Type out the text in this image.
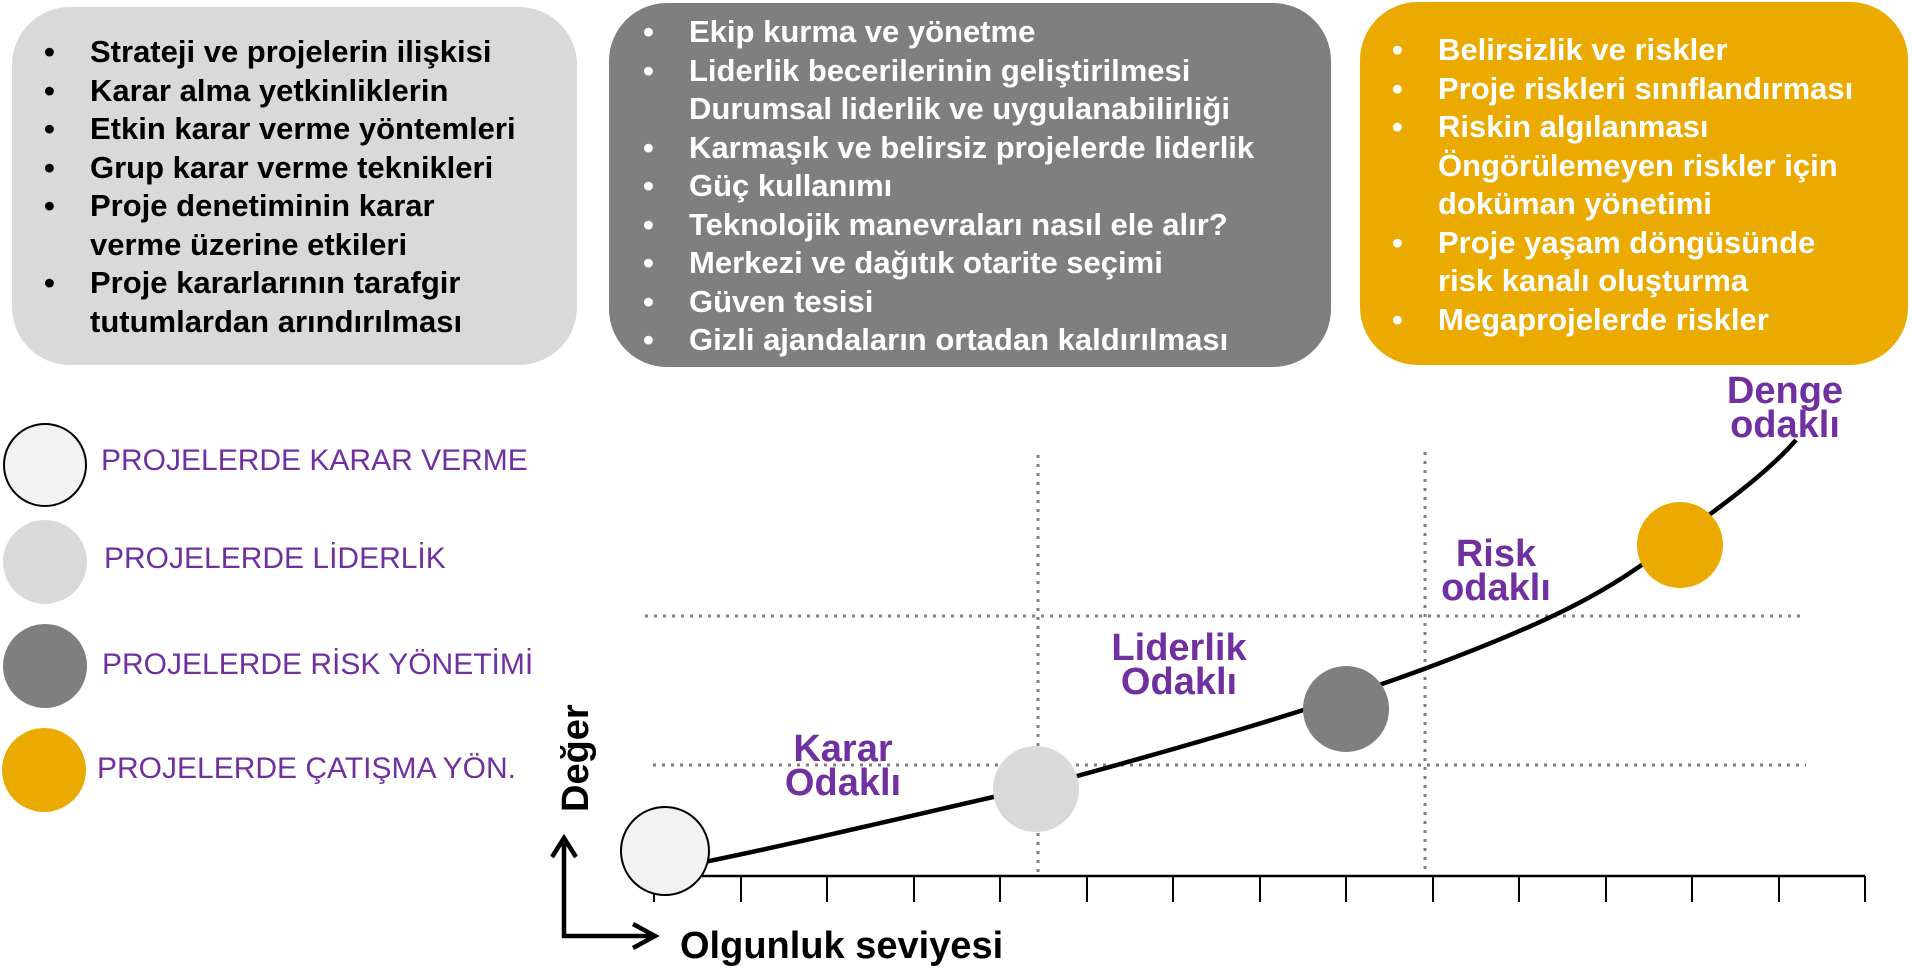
• Strateji ve projelerin ilişkisi
• Karar alma yetkinliklerin
• Etkin karar verme yöntemleri
• Grup karar verme teknikleri
• Proje denetiminin karar
verme üzerine etkileri
• Proje kararlarının tarafgir
tutumlardan arındırılması
• Ekip kurma ve yönetme
• Liderlik becerilerinin geliştirilmesi
Durumsal liderlik ve uygulanabilirliği
• Karmaşık ve belirsiz projelerde liderlik
• Güç kullanımı
• Teknolojik manevraları nasıl ele alır?
• Merkezi ve dağıtık otarite seçimi
• Güven tesisi
• Gizli ajandaların ortadan kaldırılması
• Belirsizlik ve riskler
• Proje riskleri sınıflandırması
• Riskin algılanması
Öngörülemeyen riskler için
doküman yönetimi
• Proje yaşam döngüsünde
risk kanalı oluşturma
• Megaprojelerde riskler
PROJELERDE KARAR VERME
PROJELERDE LİDERLİK
PROJELERDE RİSK YÖNETİMİ
PROJELERDE ÇATIŞMA YÖN.
Olgunluk seviyesi
Değer	Karar
Odaklı
Liderlik
Odaklı
Risk
odaklı
Denge
odaklı
